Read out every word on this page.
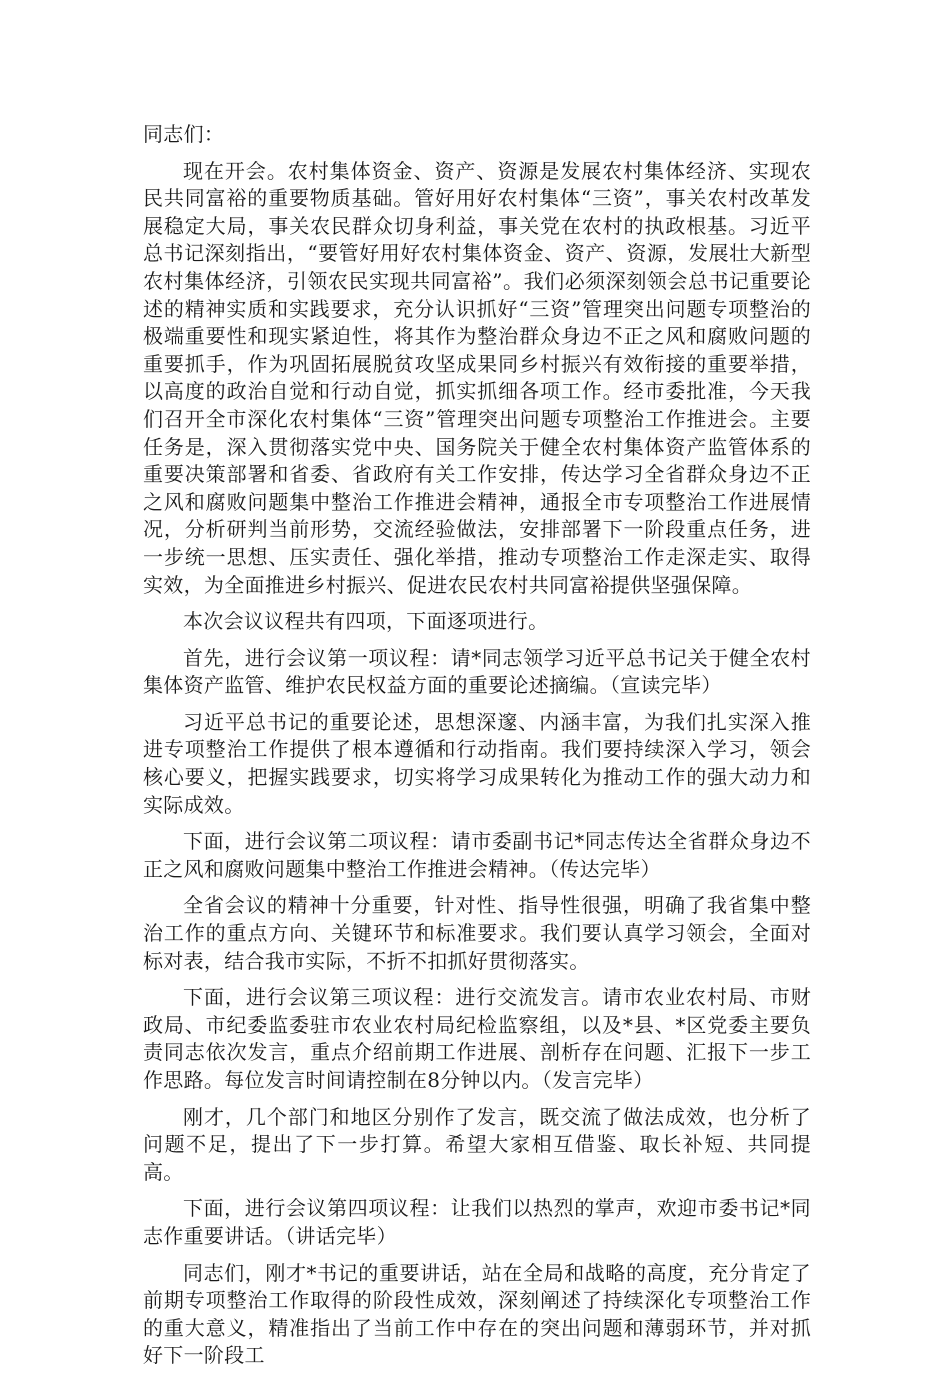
同志们：

现在开会。农村集体资金、资产、资源是发展农村集体经济、实现农民共同富裕的重要物质基础。管好用好农村集体“三资”，事关农村改革发展稳定大局，事关农民群众切身利益，事关党在农村的执政根基。习近平总书记深刻指出，“要管好用好农村集体资金、资产、资源，发展壮大新型农村集体经济，引领农民实现共同富裕”。我们必须深刻领会总书记重要论述的精神实质和实践要求，充分认识抓好“三资”管理突出问题专项整治的极端重要性和现实紧迫性，将其作为整治群众身边不正之风和腐败问题的重要抓手，作为巩固拓展脱贫攻坚成果同乡村振兴有效衔接的重要举措，以高度的政治自觉和行动自觉，抓实抓细各项工作。经市委批准，今天我们召开全市深化农村集体“三资”管理突出问题专项整治工作推进会。主要任务是，深入贯彻落实党中央、国务院关于健全农村集体资产监管体系的重要决策部署和省委、省政府有关工作安排，传达学习全省群众身边不正之风和腐败问题集中整治工作推进会精神，通报全市专项整治工作进展情况，分析研判当前形势，交流经验做法，安排部署下一阶段重点任务，进一步统一思想、压实责任、强化举措，推动专项整治工作走深走实、取得实效，为全面推进乡村振兴、促进农民农村共同富裕提供坚强保障。

本次会议议程共有四项，下面逐项进行。

首先，进行会议第一项议程：请*同志领学习近平总书记关于健全农村集体资产监管、维护农民权益方面的重要论述摘编。（宣读完毕）

习近平总书记的重要论述，思想深邃、内涵丰富，为我们扎实深入推进专项整治工作提供了根本遵循和行动指南。我们要持续深入学习，领会核心要义，把握实践要求，切实将学习成果转化为推动工作的强大动力和实际成效。

下面，进行会议第二项议程：请市委副书记*同志传达全省群众身边不正之风和腐败问题集中整治工作推进会精神。（传达完毕）

全省会议的精神十分重要，针对性、指导性很强，明确了我省集中整治工作的重点方向、关键环节和标准要求。我们要认真学习领会，全面对标对表，结合我市实际，不折不扣抓好贯彻落实。

下面，进行会议第三项议程：进行交流发言。请市农业农村局、市财政局、市纪委监委驻市农业农村局纪检监察组，以及*县、*区党委主要负责同志依次发言，重点介绍前期工作进展、剖析存在问题、汇报下一步工作思路。每位发言时间请控制在8分钟以内。（发言完毕）

刚才，几个部门和地区分别作了发言，既交流了做法成效，也分析了问题不足，提出了下一步打算。希望大家相互借鉴、取长补短、共同提高。

下面，进行会议第四项议程：让我们以热烈的掌声，欢迎市委书记*同志作重要讲话。（讲话完毕）

同志们，刚才*书记的重要讲话，站在全局和战略的高度，充分肯定了前期专项整治工作取得的阶段性成效，深刻阐述了持续深化专项整治工作的重大意义，精准指出了当前工作中存在的突出问题和薄弱环节，并对抓好下一阶段工
